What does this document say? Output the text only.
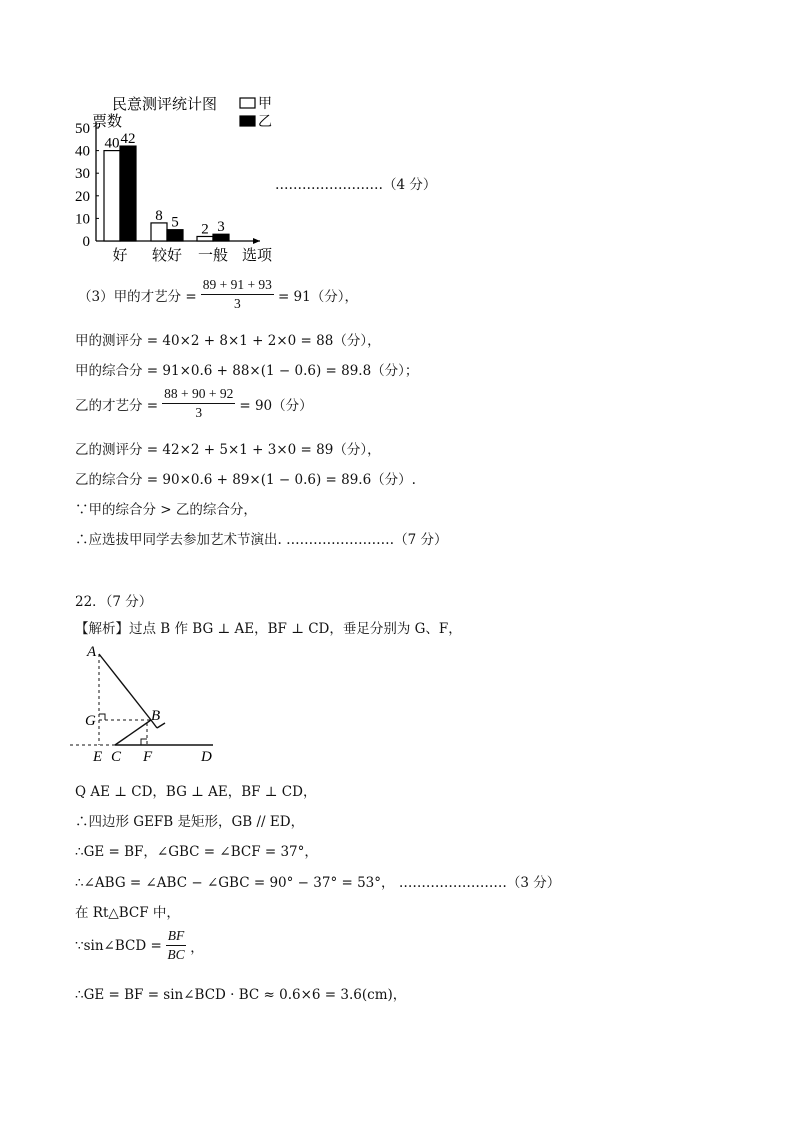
民意测评统计图
票数
选项
甲
乙
0
10
20
30
40
50
40 42
好
8 5
较好
2 3
一般
……………………（4 分）
（3）甲的才艺分 = $\frac{89 + 91 + 93}{3} = 91$（分），
甲的测评分 = 40×2 + 8×1 + 2×0 = 88（分），
甲的综合分 = 91×0.6 + 88×(1 − 0.6) = 89.8（分）；
乙的才艺分 = $\frac{88 + 90 + 92}{3} = 90$（分）
乙的测评分 = 42×2 + 5×1 + 3×0 = 89（分），
乙的综合分 = 90×0.6 + 89×(1 − 0.6) = 89.6（分）.
∵甲的综合分 > 乙的综合分，
∴应选拔甲同学去参加艺术节演出. ……………………（7 分）
22．（7 分）
【解析】过点 B 作 BG ⊥ AE，BF ⊥ CD，垂足分别为 G、F，
A
G	B
E C F	D
Q AE ⊥ CD，BG ⊥ AE，BF ⊥ CD，
∴四边形 GEFB 是矩形，GB // ED，
∴GE = BF，∠GBC = ∠BCF = 37°，
∴∠ABG = ∠ABC − ∠GBC = 90° − 37° = 53°， ……………………（3 分）
在 Rt△BCF 中，
∵sin∠BCD = $\frac{BF}{BC}$ ，
∴GE = BF = sin∠BCD · BC ≈ 0.6×6 = 3.6(cm)，
